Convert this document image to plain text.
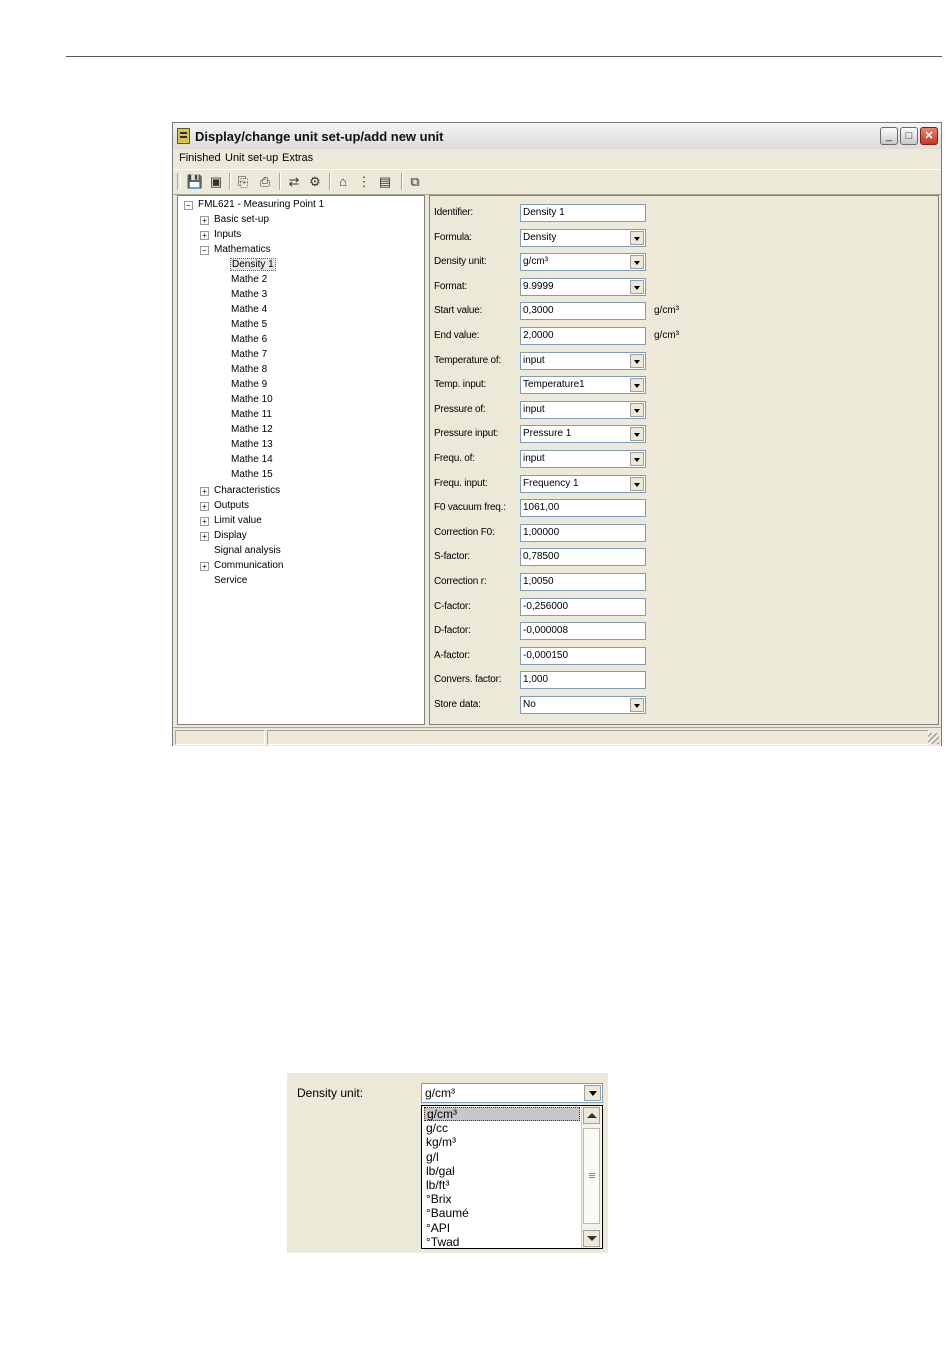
Display/change unit set-up/add new unit	_	□	✕
Finished Unit set-up Extras
💾 ▣ ⎘ ⎙ ⇄ ⚙	⌂ ⋮ ▤	⧉
− FML621 - Measuring Point 1
+ Basic set-up
+ Inputs
− Mathematics
Density 1
Mathe 2
Mathe 3
Mathe 4
Mathe 5
Mathe 6
Mathe 7
Mathe 8
Mathe 9
Mathe 10
Mathe 11
Mathe 12
Mathe 13
Mathe 14
Mathe 15
+ Characteristics
+ Outputs
+ Limit value
+ Display
Signal analysis
+ Communication
Service
Identifier:	Density 1
Formula:	Density
Density unit:	g/cm³
Format:	9.9999
Start value:	0,3000	g/cm³
End value:	2,0000	g/cm³
Temperature of:	input
Temp. input:	Temperature1
Pressure of:	input
Pressure input:	Pressure 1
Frequ. of:	input
Frequ. input:	Frequency 1
F0 vacuum freq.:	1061,00
Correction F0:	1,00000
S-factor:	0,78500
Correction r:	1,0050
C-factor:	-0,256000
D-factor:	-0,000008
A-factor:	-0,000150
Convers. factor:	1,000
Store data:	No
Density unit:	g/cm³
g/cm³
g/cc
kg/m³
g/l
lb/gal
lb/ft³
°Brix
°Baumé
°API
°Twad
